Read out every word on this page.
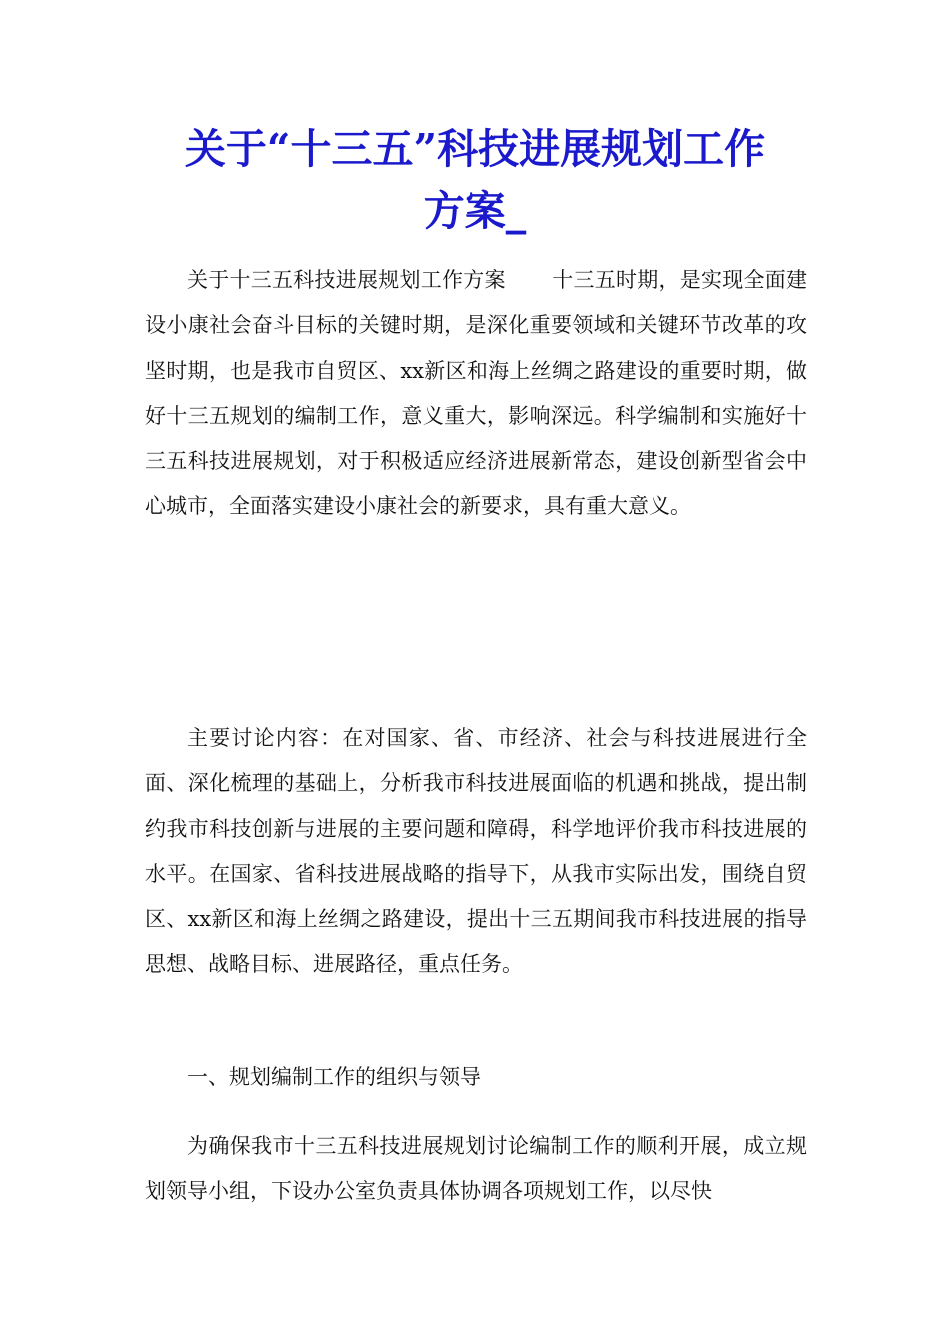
关于“十三五”科技进展规划工作
方案_

关于十三五科技进展规划工作方案 十三五时期，是实现全面建设小康社会奋斗目标的关键时期，是深化重要领域和关键环节改革的攻坚时期，也是我市自贸区、xx新区和海上丝绸之路建设的重要时期，做好十三五规划的编制工作，意义重大，影响深远。科学编制和实施好十三五科技进展规划，对于积极适应经济进展新常态，建设创新型省会中心城市，全面落实建设小康社会的新要求，具有重大意义。

主要讨论内容：在对国家、省、市经济、社会与科技进展进行全面、深化梳理的基础上，分析我市科技进展面临的机遇和挑战，提出制约我市科技创新与进展的主要问题和障碍，科学地评价我市科技进展的水平。在国家、省科技进展战略的指导下，从我市实际出发，围绕自贸区、xx新区和海上丝绸之路建设，提出十三五期间我市科技进展的指导思想、战略目标、进展路径，重点任务。

一、规划编制工作的组织与领导

为确保我市十三五科技进展规划讨论编制工作的顺利开展，成立规划领导小组，下设办公室负责具体协调各项规划工作，以尽快
